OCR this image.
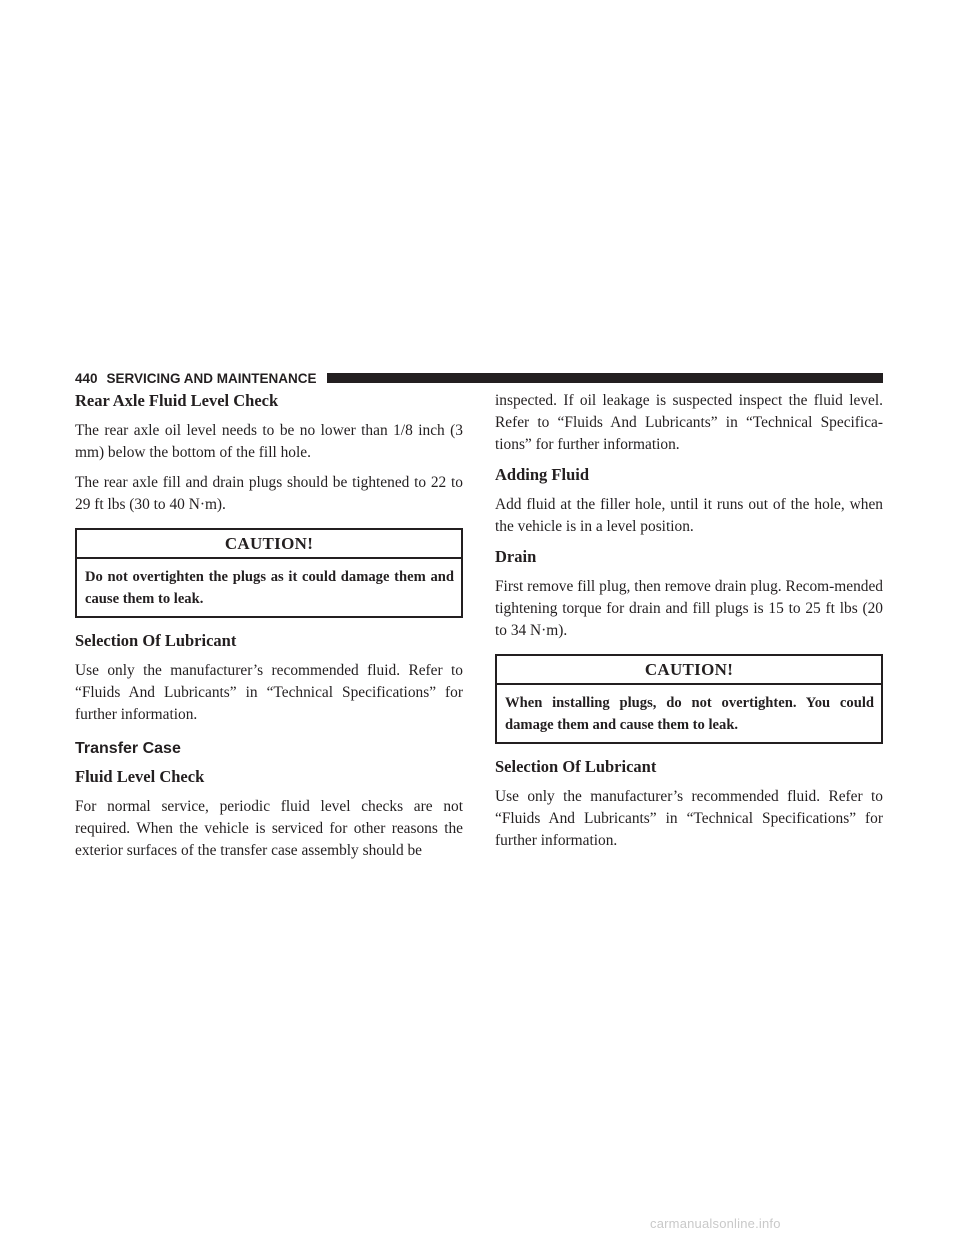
440 SERVICING AND MAINTENANCE
Rear Axle Fluid Level Check
The rear axle oil level needs to be no lower than 1/8 inch (3 mm) below the bottom of the fill hole.
The rear axle fill and drain plugs should be tightened to 22 to 29 ft lbs (30 to 40 N·m).
CAUTION!
Do not overtighten the plugs as it could damage them and cause them to leak.
Selection Of Lubricant
Use only the manufacturer’s recommended fluid. Refer to “Fluids And Lubricants” in “Technical Specifications” for further information.
Transfer Case
Fluid Level Check
For normal service, periodic fluid level checks are not required. When the vehicle is serviced for other reasons the exterior surfaces of the transfer case assembly should be
inspected. If oil leakage is suspected inspect the fluid level. Refer to “Fluids And Lubricants” in “Technical Specifica-tions” for further information.
Adding Fluid
Add fluid at the filler hole, until it runs out of the hole, when the vehicle is in a level position.
Drain
First remove fill plug, then remove drain plug. Recom-mended tightening torque for drain and fill plugs is 15 to 25 ft lbs (20 to 34 N·m).
CAUTION!
When installing plugs, do not overtighten. You could damage them and cause them to leak.
Selection Of Lubricant
Use only the manufacturer’s recommended fluid. Refer to “Fluids And Lubricants” in “Technical Specifications” for further information.
carmanualsonline.info
